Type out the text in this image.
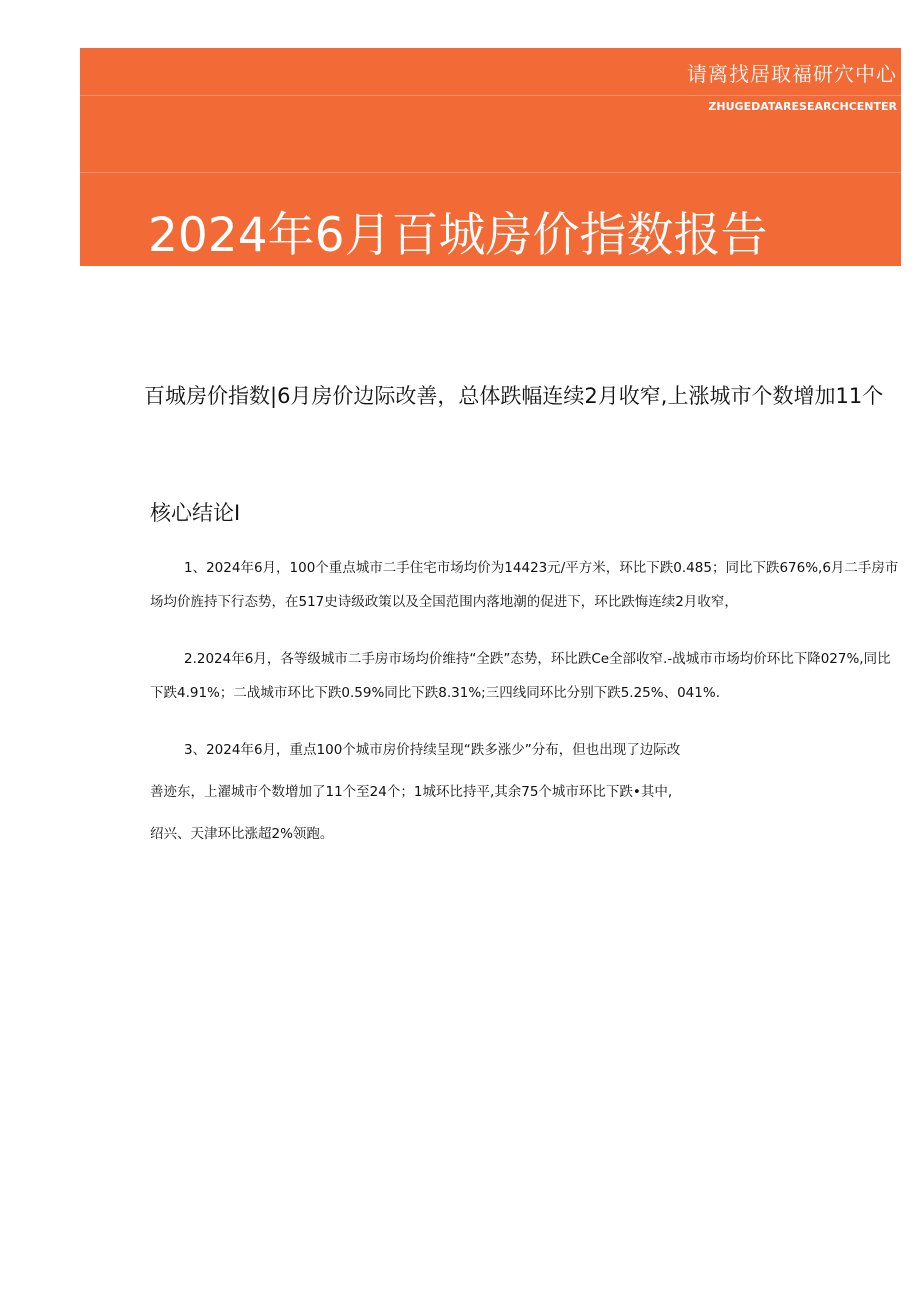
请离找居取福研穴中心
ZHUGEDATARESEARCHCENTER
2024年6月百城房价指数报告
百城房价指数|6月房价边际改善，总体跌幅连续2月收窄,上涨城市个数增加11个
核心结论I

1、2024年6月，100个重点城市二手住宅市场均价为14423元/平方米，环比下跌0.485；同比下跌676%,6月二手房市场均价旌持下行态势，在517史诗级政策以及全国范围内落地潮的促进下，环比跌悔连续2月收窄，

2.2024年6月，各等级城市二手房市场均价维持“全跌”态势，环比跌Ce全部收窄.-战城市市场均价环比下降027%,同比下跌4.91%；二战城市环比下跌0.59%同比下跌8.31%;三四线同环比分别下跌5.25%、041%.

3、2024年6月，重点100个城市房价持续呈现“跌多涨少”分布，但也出现了边际改

善迹东，上濯城市个数增加了11个至24个；1城环比持平,其余75个城市环比下跌•其中,

绍兴、天津环比涨超2%领跑。
